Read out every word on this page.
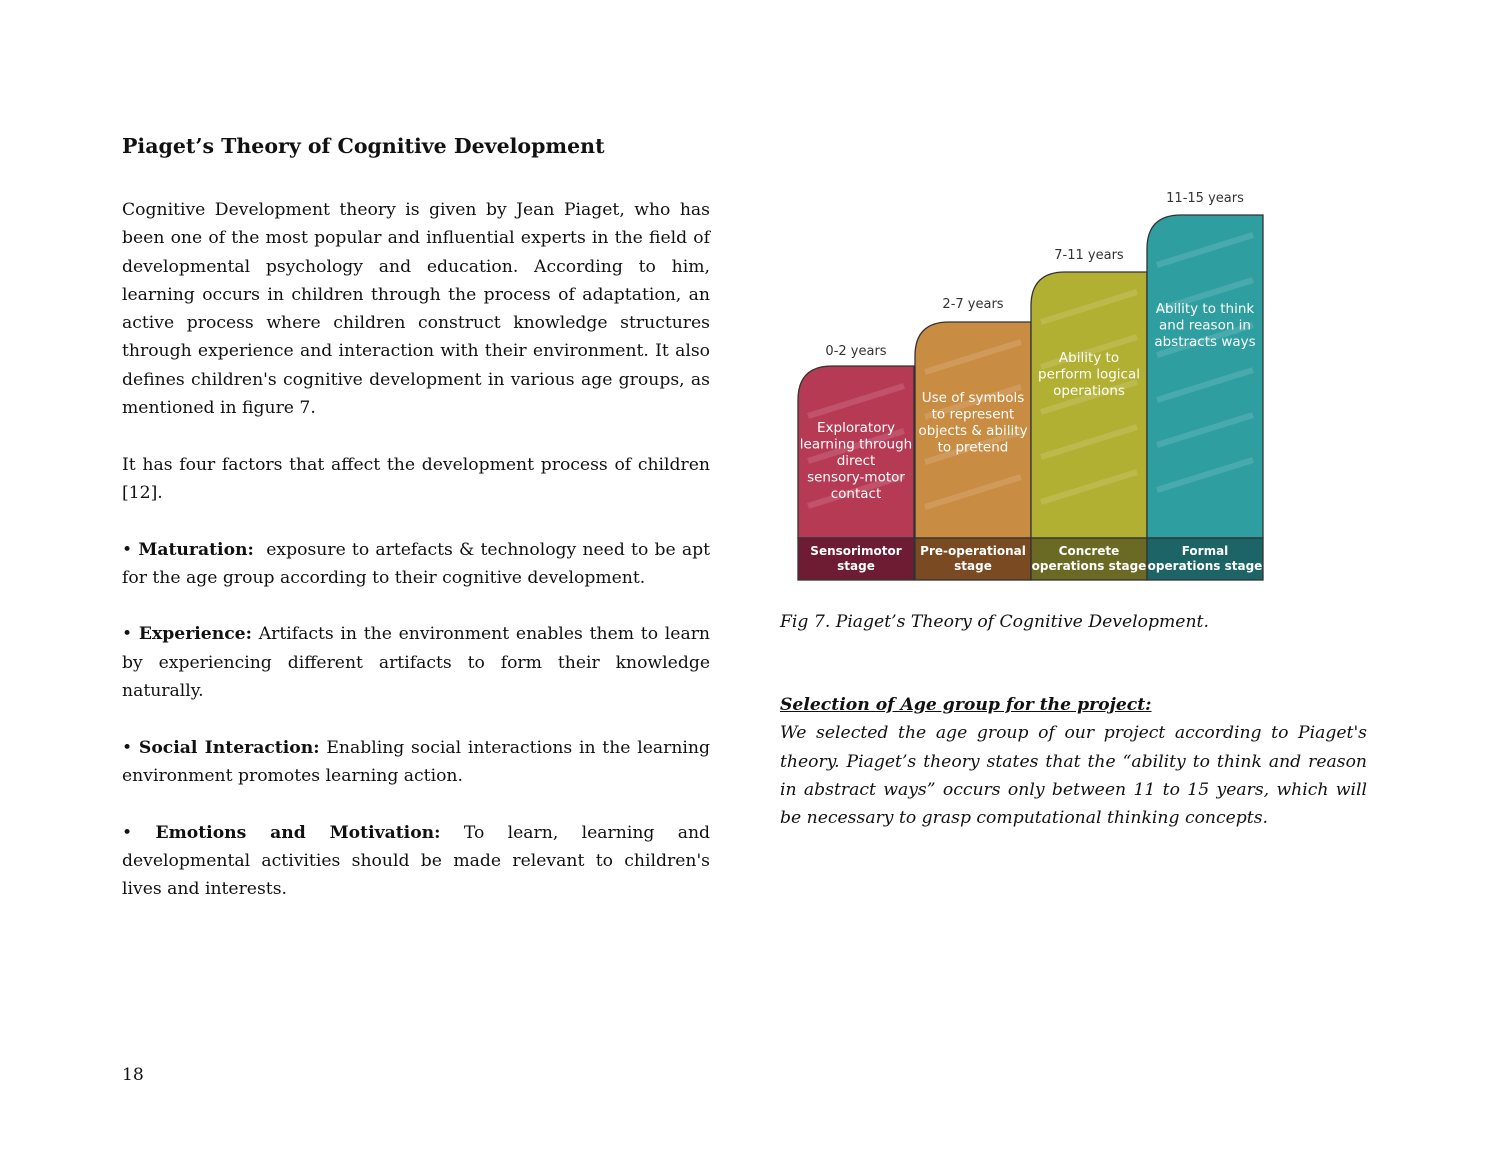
Piaget’s Theory of Cognitive Development

Cognitive Development theory is given by Jean Piaget, who has been one of the most popular and influential experts in the field of developmental psychology and education. According to him, learning occurs in children through the process of adaptation, an active process where children construct knowledge structures through experience and interaction with their environment. It also defines children's cognitive development in various age groups, as mentioned in figure 7.

It has four factors that affect the development process of children [12].

• Maturation: exposure to artefacts & technology need to be apt for the age group according to their cognitive development.

• Experience: Artifacts in the environment enables them to learn by experiencing different artifacts to form their knowledge naturally.

• Social Interaction: Enabling social interactions in the learning environment promotes learning action.

• Emotions and Motivation: To learn, learning and developmental activities should be made relevant to children's lives and interests.

0-2 years
Exploratory
learning through
direct
sensory-motor
contact
Sensorimotor
stage
2-7 years
Use of symbols
to represent
objects & ability
to pretend
Pre-operational
stage
7-11 years
Ability to
perform logical
operations
Concrete
operations stage
11-15 years
Ability to think
and reason in
abstracts ways
Formal
operations stage

Fig 7. Piaget’s Theory of Cognitive Development.

Selection of Age group for the project:

We selected the age group of our project according to Piaget's theory. Piaget’s theory states that the “ability to think and reason in abstract ways” occurs only between 11 to 15 years, which will be necessary to grasp computational thinking concepts.

18
